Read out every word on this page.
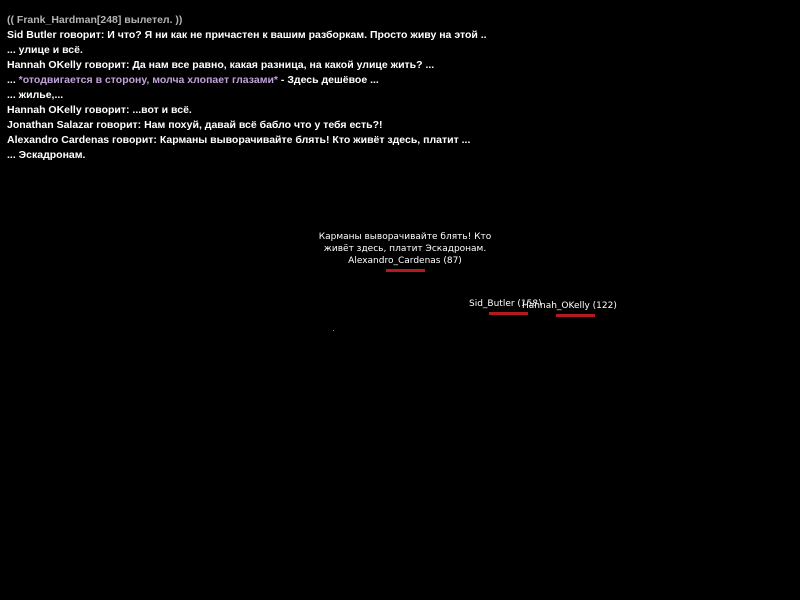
(( Frank_Hardman[248] вылетел. ))
Sid Butler говорит: И что? Я ни как не причастен к вашим разборкам. Просто живу на этой ..
... улице и всё.
Hannah OKelly говорит: Да нам все равно, какая разница, на какой улице жить? ...
... *отодвигается в сторону, молча хлопает глазами* - Здесь дешёвое ...
... жилье,...
Hannah OKelly говорит: ...вот и всё.
Jonathan Salazar говорит: Нам похуй, давай всё бабло что у тебя есть?!
Alexandro Cardenas говорит: Карманы выворачивайте блять! Кто живёт здесь, платит ...
... Эскадронам.
Карманы выворачивайте блять! Кто
живёт здесь, платит Эскадронам.
Alexandro_Cardenas (87)
Sid_Butler (158)
Hannah_OKelly (122)
